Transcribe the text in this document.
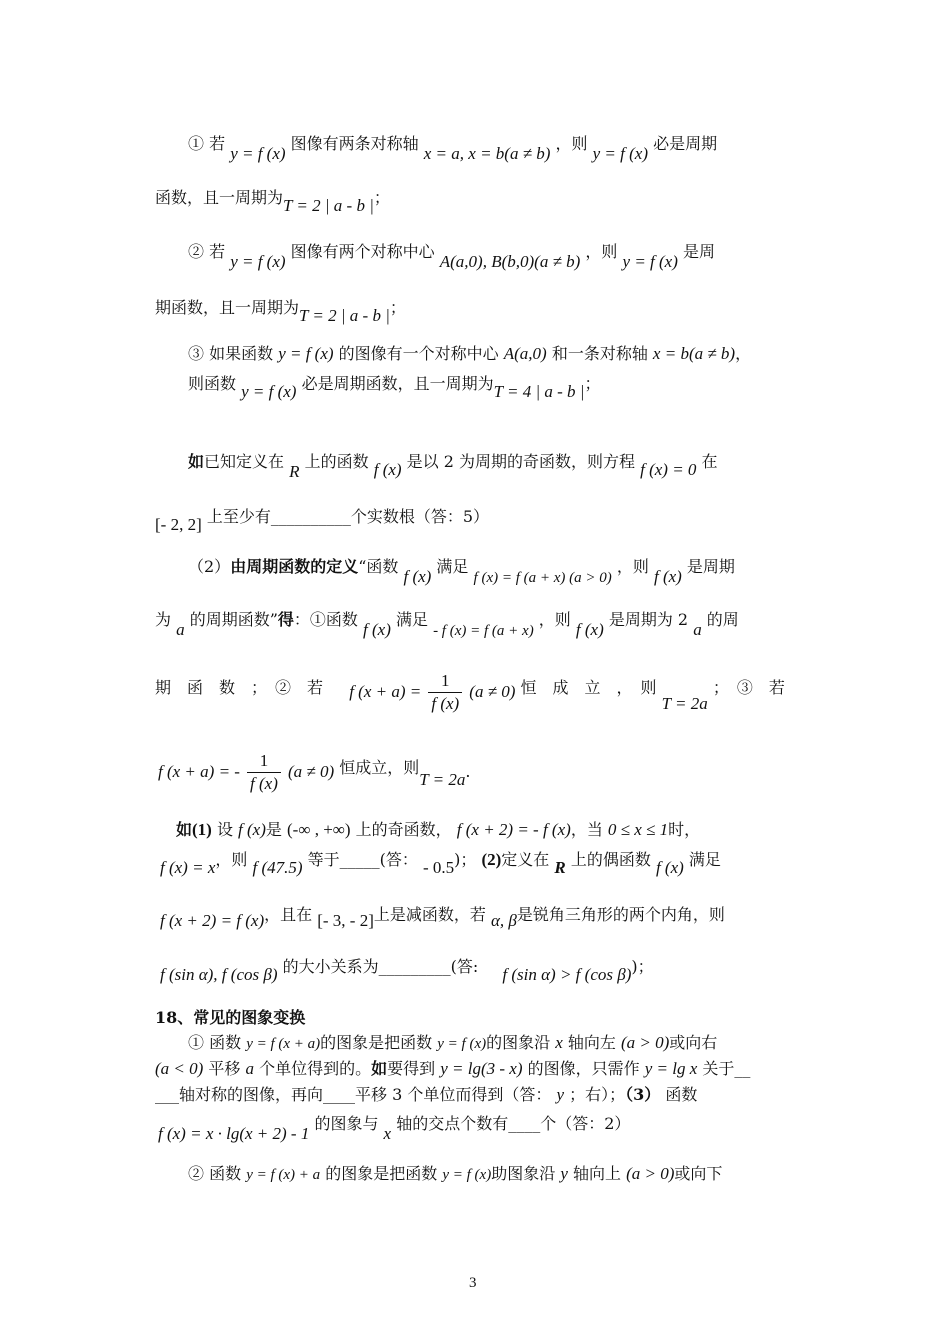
① 若 y = f (x) 图像有两条对称轴 x = a, x = b(a ≠ b) ，则 y = f (x) 必是周期
函数，且一周期为T = 2 | a - b |；
② 若 y = f (x) 图像有两个对称中心 A(a,0), B(b,0)(a ≠ b) ，则 y = f (x) 是周
期函数，且一周期为T = 2 | a - b |；
③ 如果函数 y = f (x) 的图像有一个对称中心 A(a,0) 和一条对称轴 x = b(a ≠ b)，
则函数 y = f (x) 必是周期函数，且一周期为T = 4 | a - b |；
如已知定义在 R 上的函数 f (x) 是以 2 为周期的奇函数，则方程 f (x) = 0 在
[- 2, 2] 上至少有__________个实数根（答：5）
（2）由周期函数的定义“函数 f (x) 满足 f (x) = f (a + x) (a > 0) ，则 f (x) 是周期
为 a 的周期函数”得：①函数 f (x) 满足 - f (x) = f (a + x) ，则 f (x) 是周期为 2 a 的周
期　函　数　；　②　若 f $(x + a) = \frac{1}{f (x)} (a \ne 0)$ 恒　成　立　，　则 T = 2a ；　③　若
f (x + a) = - $\frac{1}{f (x)} (a \ne 0)$ 恒成立，则T = 2a.
如(1) 设 f (x)是 (-∞ , +∞) 上的奇函数， f (x + 2) = - f (x)，当 0 ≤ x ≤ 1时，
f (x) = x，则 f (47.5) 等于_____(答： - 0.5)； (2)定义在 R 上的偶函数 f (x) 满足
f (x + 2) = f (x)，且在 [- 3, - 2]上是减函数，若 α, β是锐角三角形的两个内角，则
f (sin α), f (cos β) 的大小关系为_________(答: f (sin α) > f (cos β))；
18、常见的图象变换
① 函数 y = f (x + a)的图象是把函数 y = f (x)的图象沿 x 轴向左 (a > 0)或向右
(a < 0) 平移 a 个单位得到的。如要得到 y = lg(3 - x) 的图像，只需作 y = lg x 关于__
___轴对称的图像，再向____平移 3 个单位而得到（答： y ；右）；（3） 函数
f (x) = x · lg(x + 2) - 1 的图象与 x 轴的交点个数有____个（答：2）
② 函数 y = f (x) + a 的图象是把函数 y = f (x)助图象沿 y 轴向上 (a > 0)或向下
3
